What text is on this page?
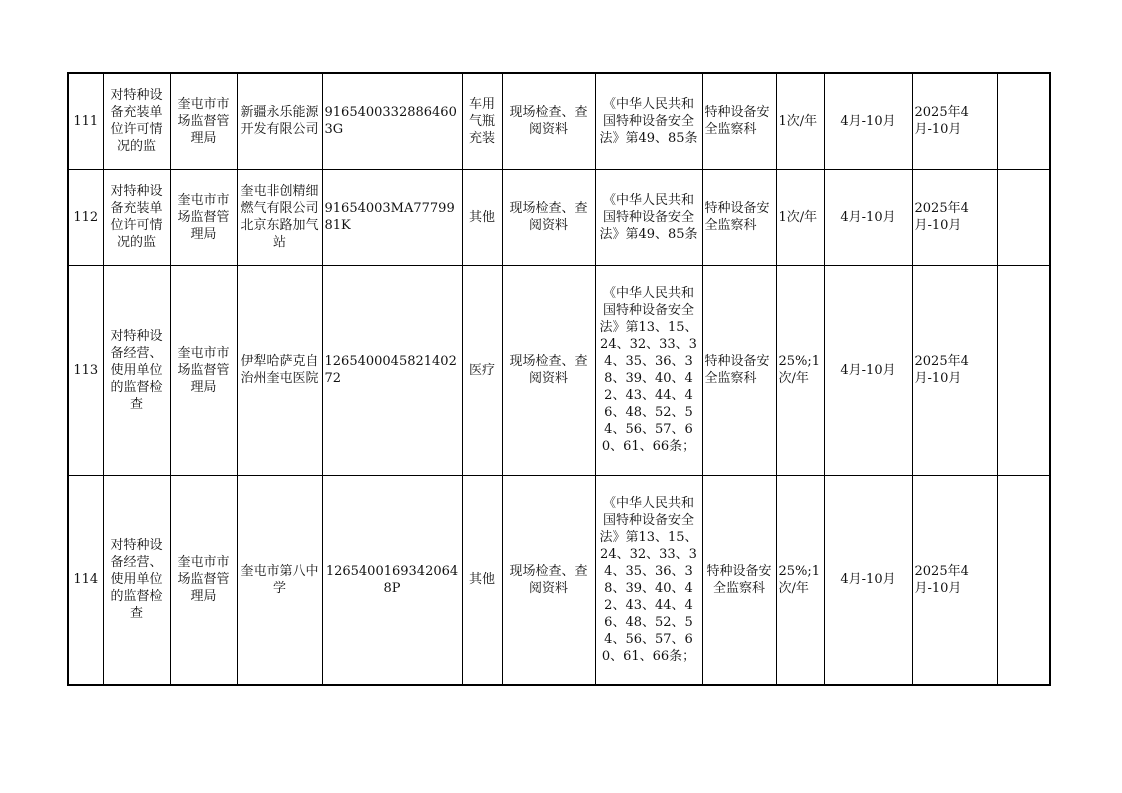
111	对特种设备充装单位许可情况的监	奎屯市市场监督管理局	新疆永乐能源开发有限公司	91654003328864603G	车用气瓶充装	现场检查、查阅资料	《中华人民共和国特种设备安全法》第49、85条	特种设备安全监察科	1次/年	4月-10月	2025年4月-10月	
112	对特种设备充装单位许可情况的监	奎屯市市场监督管理局	奎屯非创精细燃气有限公司北京东路加气站	91654003MA7779981K	其他	现场检查、查阅资料	《中华人民共和国特种设备安全法》第49、85条	特种设备安全监察科	1次/年	4月-10月	2025年4月-10月	
113	对特种设备经营、使用单位的监督检查	奎屯市市场监督管理局	伊犁哈萨克自治州奎屯医院	126540004582140272	医疗	现场检查、查阅资料	《中华人民共和国特种设备安全法》第13、15、24、32、33、34、35、36、38、39、40、42、43、44、46、48、52、54、56、57、60、61、66条；	特种设备安全监察科	25%;1次/年	4月-10月	2025年4月-10月	
114	对特种设备经营、使用单位的监督检查	奎屯市市场监督管理局	奎屯市第八中学	12654001693420648P	其他	现场检查、查阅资料	《中华人民共和国特种设备安全法》第13、15、24、32、33、34、35、36、38、39、40、42、43、44、46、48、52、54、56、57、60、61、66条；	特种设备安全监察科	25%;1次/年	4月-10月	2025年4月-10月	
